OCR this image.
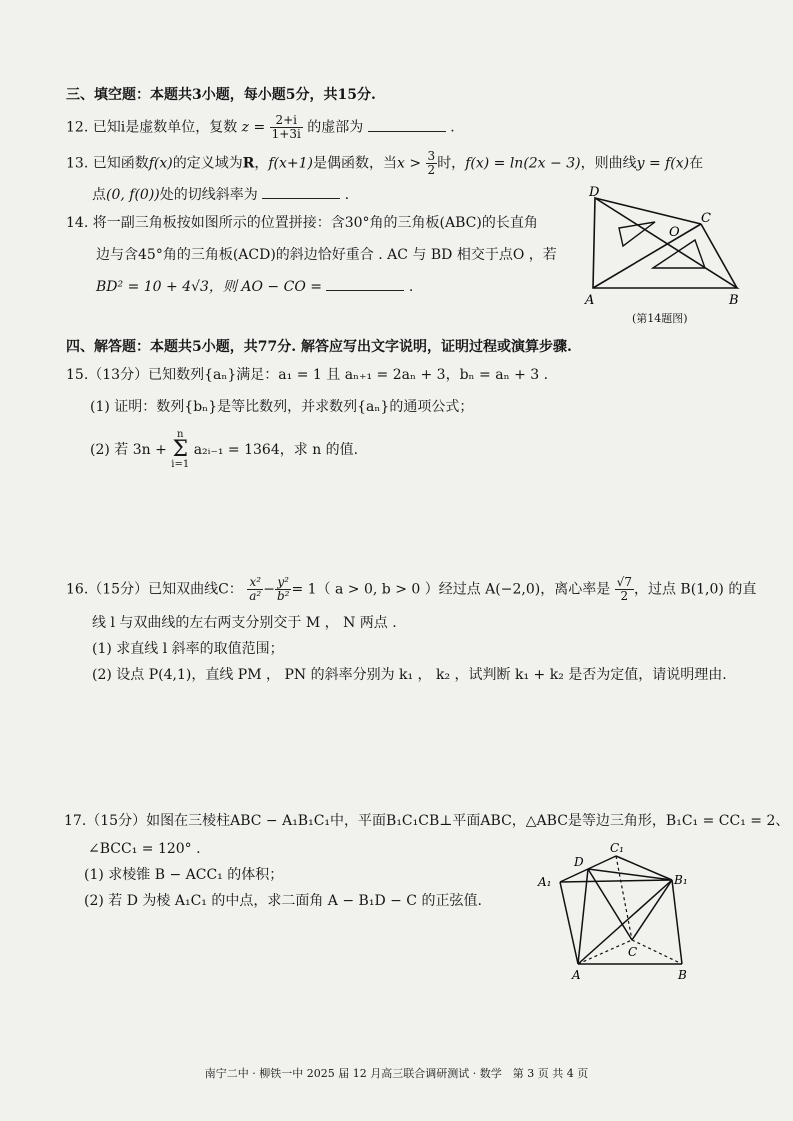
三、填空题：本题共3小题，每小题5分，共15分.
12. 已知i是虚数单位，复数 $z = \frac{2+i}{1+3i}$ 的虚部为	.
13. 已知函数f(x)的定义域为R，f(x+1)是偶函数，当$x > \frac{3}{2}$ 时，f(x) = ln(2x − 3)，则曲线y = f(x)在
点(0, f(0))处的切线斜率为	.
14. 将一副三角板按如图所示的位置拼接：含30°角的三角板(ABC)的长直角
边与含45°角的三角板(ACD)的斜边恰好重合 . AC 与 BD 相交于点O ，若
BD² = 10 + 4√3，则 AO − CO =	.
D
C
O
A	B
(第14题图)
四、解答题：本题共5小题，共77分. 解答应写出文字说明，证明过程或演算步骤.
15.（13分）已知数列{aₙ}满足：a₁ = 1 且 aₙ₊₁ = 2aₙ + 3，bₙ = aₙ + 3 .
(1) 证明：数列{bₙ}是等比数列，并求数列{aₙ}的通项公式；
(2) 若 3n + n
Σ
i=1 a₂ᵢ₋₁ = 1364，求 n 的值.
16.（15分）已知双曲线C： $\frac{\text{x²}}{\text{a²}} - \frac{\text{y²}}{\text{b²}} = 1$（ a > 0, b > 0 ）经过点 A(−2,0)，离心率是 $\frac{√7}{2}$ ，过点 B(1,0) 的直
线 l 与双曲线的左右两支分别交于 M ， N 两点 .
(1) 求直线 l 斜率的取值范围；
(2) 设点 P(4,1)，直线 PM ， PN 的斜率分别为 k₁ ， k₂ ，试判断 k₁ + k₂ 是否为定值，请说明理由.
17.（15分）如图在三棱柱ABC − A₁B₁C₁中，平面B₁C₁CB⊥平面ABC，△ABC是等边三角形，B₁C₁ = CC₁ = 2、
∠BCC₁ = 120° .
(1) 求棱锥 B − ACC₁ 的体积；
(2) 若 D 为棱 A₁C₁ 的中点，求二面角 A − B₁D − C 的正弦值.
C₁
D
A₁	B₁
C
A	B
南宁二中 · 柳铁一中 2025 届 12 月高三联合调研测试 · 数学　第 3 页 共 4 页
